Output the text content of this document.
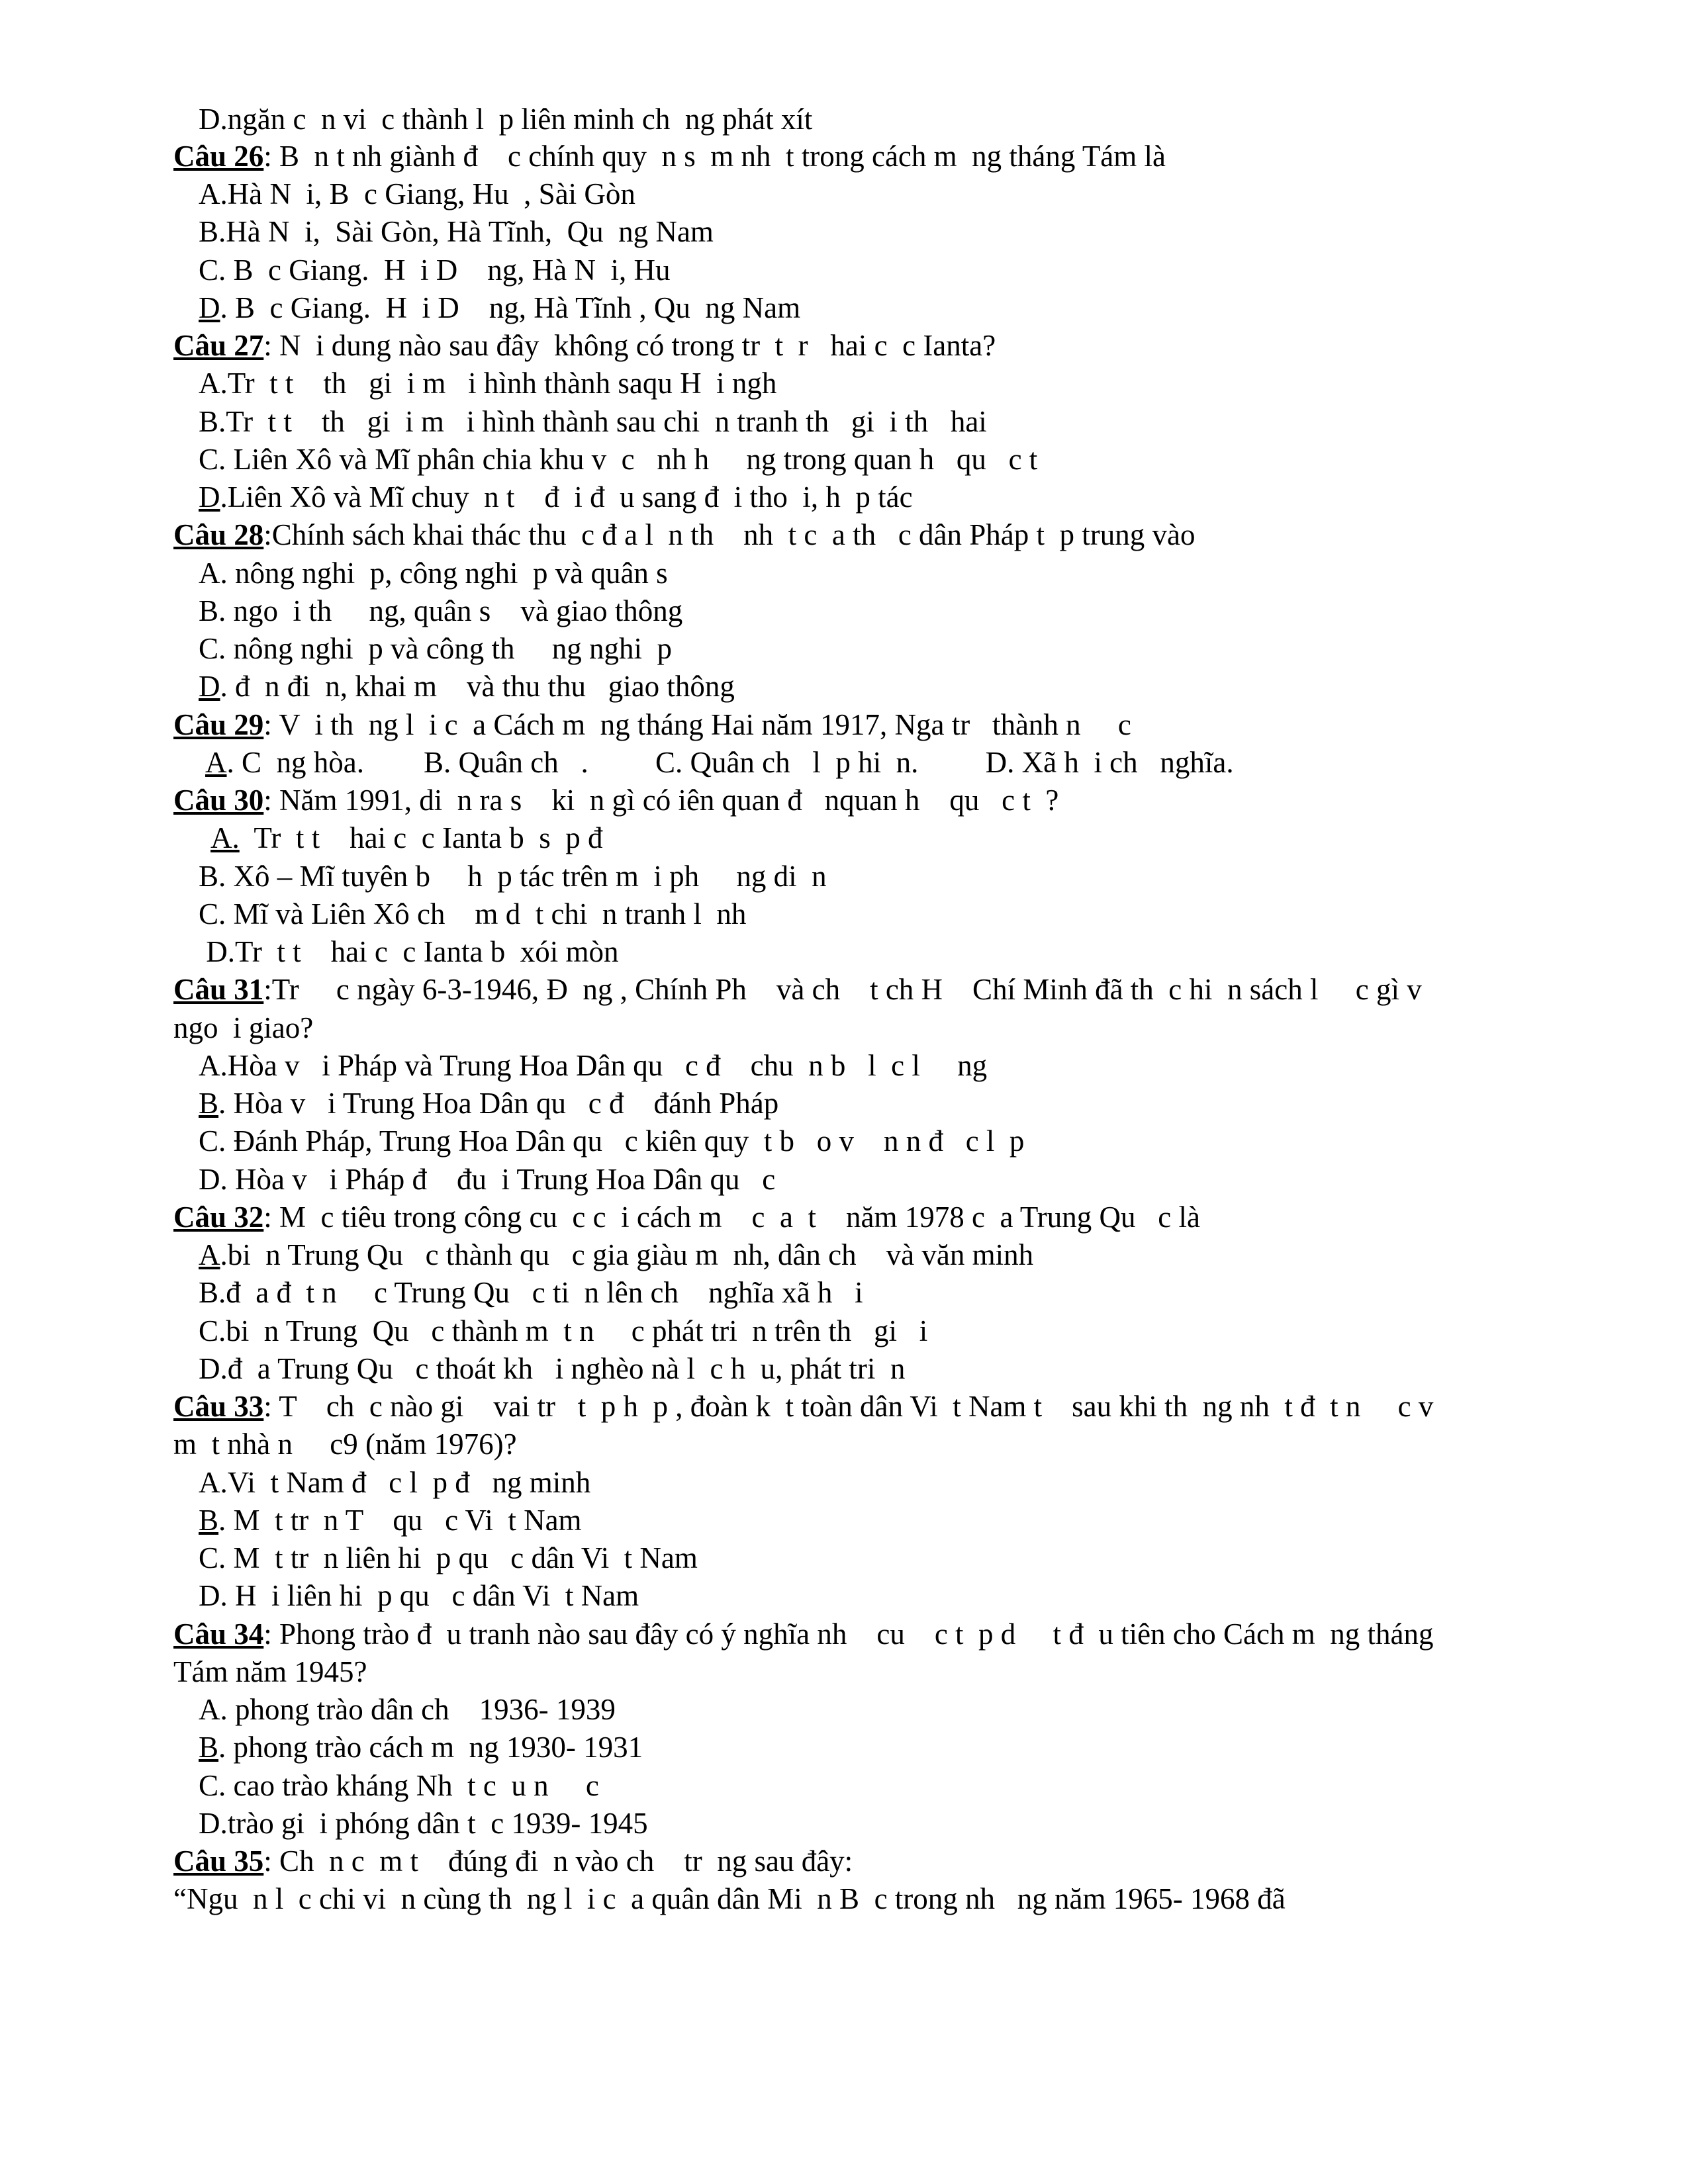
D.ngăn c  n vi  c thành l  p liên minh ch  ng phát xít
Câu 26: B  n t nh giành đ    c chính quy  n s  m nh  t trong cách m  ng tháng Tám là
A.Hà N  i, B  c Giang, Hu  , Sài Gòn
B.Hà N  i,  Sài Gòn, Hà Tĩnh,  Qu  ng Nam
C. B  c Giang.  H  i D    ng, Hà N  i, Hu
D. B  c Giang.  H  i D    ng, Hà Tĩnh , Qu  ng Nam
Câu 27: N  i dung nào sau đây  không có trong tr  t  r   hai c  c Ianta?
A.Tr  t t    th   gi  i m   i hình thành saqu H  i ngh
B.Tr  t t    th   gi  i m   i hình thành sau chi  n tranh th   gi  i th   hai
C. Liên Xô và Mĩ phân chia khu v  c   nh h     ng trong quan h   qu   c t
D.Liên Xô và Mĩ chuy  n t    đ  i đ  u sang đ  i tho  i, h  p tác
Câu 28:Chính sách khai thác thu  c đ a l  n th    nh  t c  a th   c dân Pháp t  p trung vào
A. nông nghi  p, công nghi  p và quân s
B. ngo  i th     ng, quân s    và giao thông
C. nông nghi  p và công th     ng nghi  p
D. đ  n đi  n, khai m    và thu thu   giao thông
Câu 29: V  i th  ng l  i c  a Cách m  ng tháng Hai năm 1917, Nga tr   thành n     c
A. C  ng hòa.        B. Quân ch   .         C. Quân ch   l  p hi  n.         D. Xã h  i ch   nghĩa.
Câu 30: Năm 1991, di  n ra s    ki  n gì có iên quan đ   nquan h    qu   c t  ?
A.  Tr  t t    hai c  c Ianta b  s  p đ
B. Xô – Mĩ tuyên b     h  p tác trên m  i ph     ng di  n
C. Mĩ và Liên Xô ch    m d  t chi  n tranh l  nh
D.Tr  t t    hai c  c Ianta b  xói mòn
Câu 31:Tr     c ngày 6-3-1946, Đ  ng , Chính Ph    và ch    t ch H    Chí Minh đã th  c hi  n sách l     c gì v
ngo  i giao?
A.Hòa v   i Pháp và Trung Hoa Dân qu   c đ    chu  n b   l  c l     ng
B. Hòa v   i Trung Hoa Dân qu   c đ    đánh Pháp
C. Đánh Pháp, Trung Hoa Dân qu   c kiên quy  t b   o v    n n đ   c l  p
D. Hòa v   i Pháp đ    đu  i Trung Hoa Dân qu   c
Câu 32: M  c tiêu trong công cu  c c  i cách m    c  a  t    năm 1978 c  a Trung Qu   c là
A.bi  n Trung Qu   c thành qu   c gia giàu m  nh, dân ch    và văn minh
B.đ  a đ  t n     c Trung Qu   c ti  n lên ch    nghĩa xã h   i
C.bi  n Trung  Qu   c thành m  t n     c phát tri  n trên th   gi   i
D.đ  a Trung Qu   c thoát kh   i nghèo nà l  c h  u, phát tri  n
Câu 33: T    ch  c nào gi    vai tr   t  p h  p , đoàn k  t toàn dân Vi  t Nam t    sau khi th  ng nh  t đ  t n     c v
m  t nhà n     c9 (năm 1976)?
A.Vi  t Nam đ   c l  p đ   ng minh
B. M  t tr  n T    qu   c Vi  t Nam
C. M  t tr  n liên hi  p qu   c dân Vi  t Nam
D. H  i liên hi  p qu   c dân Vi  t Nam
Câu 34: Phong trào đ  u tranh nào sau đây có ý nghĩa nh    cu    c t  p d     t đ  u tiên cho Cách m  ng tháng
Tám năm 1945?
A. phong trào dân ch    1936- 1939
B. phong trào cách m  ng 1930- 1931
C. cao trào kháng Nh  t c  u n     c
D.trào gi  i phóng dân t  c 1939- 1945
Câu 35: Ch  n c  m t    đúng đi  n vào ch    tr  ng sau đây:
“Ngu  n l  c chi vi  n cùng th  ng l  i c  a quân dân Mi  n B  c trong nh   ng năm 1965- 1968 đã
